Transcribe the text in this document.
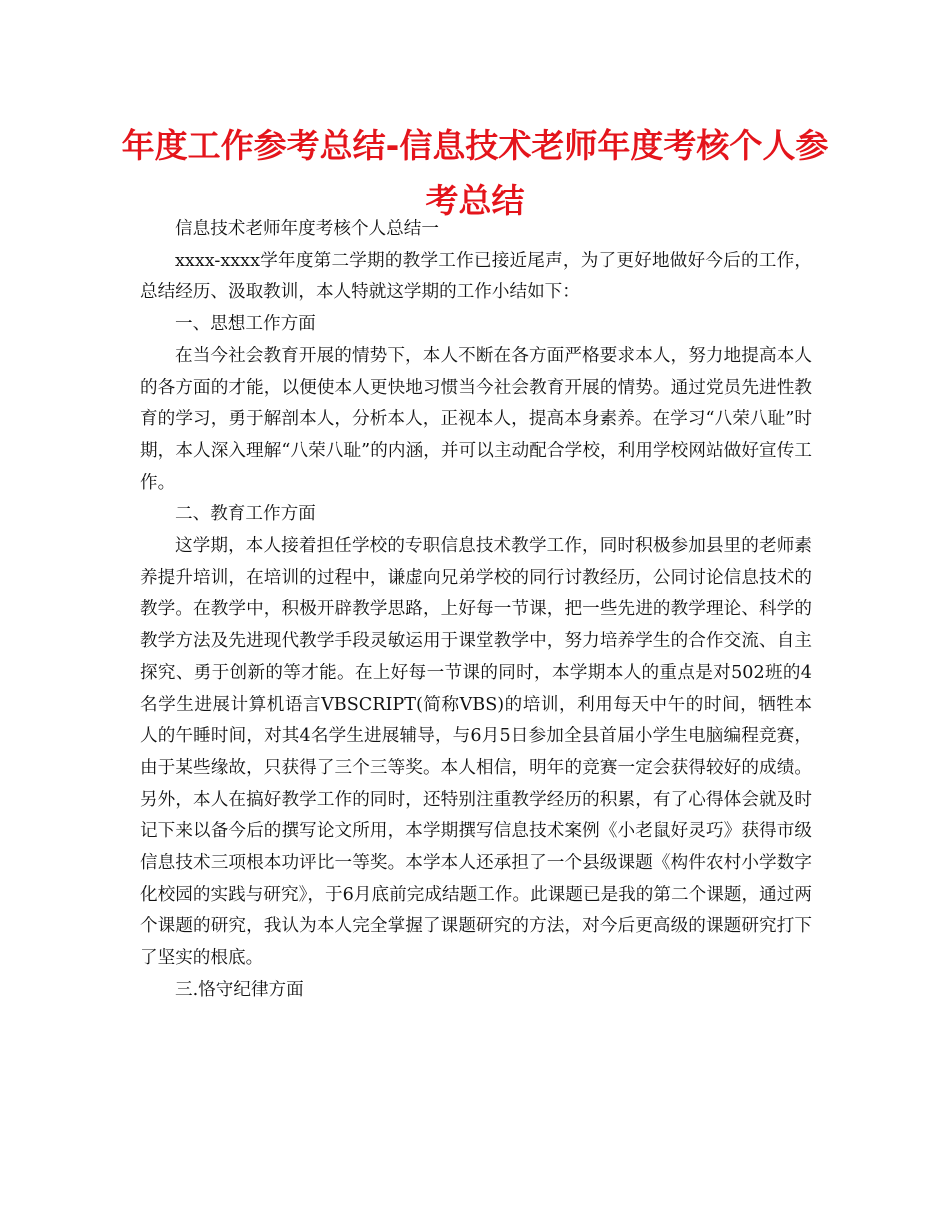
年度工作参考总结-信息技术老师年度考核个人参考总结

信息技术老师年度考核个人总结一

xxxx-xxxx学年度第二学期的教学工作已接近尾声，为了更好地做好今后的工作，总结经历、汲取教训，本人特就这学期的工作小结如下：

一、思想工作方面

在当今社会教育开展的情势下，本人不断在各方面严格要求本人，努力地提高本人的各方面的才能，以便使本人更快地习惯当今社会教育开展的情势。通过党员先进性教育的学习，勇于解剖本人，分析本人，正视本人，提高本身素养。在学习“八荣八耻”时期，本人深入理解“八荣八耻”的内涵，并可以主动配合学校，利用学校网站做好宣传工作。

二、教育工作方面

这学期，本人接着担任学校的专职信息技术教学工作，同时积极参加县里的老师素养提升培训，在培训的过程中，谦虚向兄弟学校的同行讨教经历，公同讨论信息技术的教学。在教学中，积极开辟教学思路，上好每一节课，把一些先进的教学理论、科学的教学方法及先进现代教学手段灵敏运用于课堂教学中，努力培养学生的合作交流、自主探究、勇于创新的等才能。在上好每一节课的同时，本学期本人的重点是对502班的4名学生进展计算机语言VBSCRIPT(简称VBS)的培训，利用每天中午的时间，牺牲本人的午睡时间，对其4名学生进展辅导，与6月5日参加全县首届小学生电脑编程竞赛，由于某些缘故，只获得了三个三等奖。本人相信，明年的竞赛一定会获得较好的成绩。另外，本人在搞好教学工作的同时，还特别注重教学经历的积累，有了心得体会就及时记下来以备今后的撰写论文所用，本学期撰写信息技术案例《小老鼠好灵巧》获得市级信息技术三项根本功评比一等奖。本学本人还承担了一个县级课题《构件农村小学数字化校园的实践与研究》，于6月底前完成结题工作。此课题已是我的第二个课题，通过两个课题的研究，我认为本人完全掌握了课题研究的方法，对今后更高级的课题研究打下了坚实的根底。

三.恪守纪律方面
